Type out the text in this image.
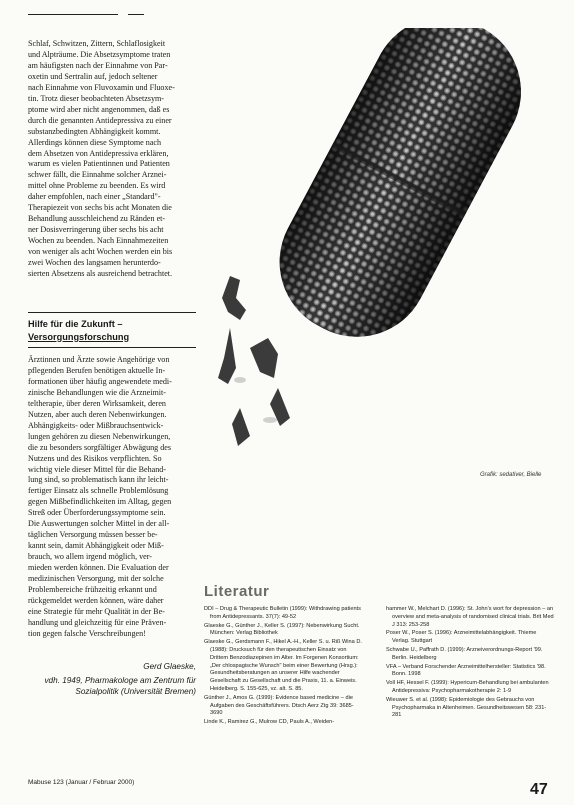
Schlaf, Schwitzen, Zittern, Schlaflosigkeit
und Alpträume. Die Absetzsymptome traten
am häufigsten nach der Einnahme von Par-
oxetin und Sertralin auf, jedoch seltener
nach Einnahme von Fluvoxamin und Fluoxe-
tin. Trotz dieser beobachteten Absetzsym-
ptome wird aber nicht angenommen, daß es
durch die genannten Antidepressiva zu einer
substanzbedingten Abhängigkeit kommt.
Allerdings können diese Symptome nach
dem Absetzen von Antidepressiva erklären,
warum es vielen Patientinnen und Patienten
schwer fällt, die Einnahme solcher Arznei-
mittel ohne Probleme zu beenden. Es wird
daher empfohlen, nach einer „Standard"-
Therapiezeit von sechs bis acht Monaten die
Behandlung ausschleichend zu Ränden et-
ner Dosisverringerung über sechs bis acht
Wochen zu beenden. Nach Einnahmezeiten
von weniger als acht Wochen werden ein bis
zwei Wochen des langsamen herunterdo-
sierten Absetzens als ausreichend betrachtet.

Hilfe für die Zukunft –
Versorgungsforschung

Ärztinnen und Ärzte sowie Angehörige von
pflegenden Berufen benötigen aktuelle In-
formationen über häufig angewendete medi-
zinische Behandlungen wie die Arzneimit-
teltherapie, über deren Wirksamkeit, deren
Nutzen, aber auch deren Nebenwirkungen.
Abhängigkeits- oder Mißbrauchsentwick-
lungen gehören zu diesen Nebenwirkungen,
die zu besonders sorgfältiger Abwägung des
Nutzens und des Risikos verpflichten. So
wichtig viele dieser Mittel für die Behand-
lung sind, so problematisch kann ihr leicht-
fertiger Einsatz als schnelle Problemlösung
gegen Mißbefindlichkeiten im Alltag, gegen
Streß oder Überforderungssymptome sein.
Die Auswertungen solcher Mittel in der all-
täglichen Versorgung müssen besser be-
kannt sein, damit Abhängigkeit oder Miß-
brauch, wo allem irgend möglich, ver-
mieden werden können. Die Evaluation der
medizinischen Versorgung, mit der solche
Problembereiche frühzeitig erkannt und
rückgemeldet werden können, wäre daher
eine Strategie für mehr Qualität in der Be-
handlung und gleichzeitig für eine Präven-
tion gegen falsche Verschreibungen!

Gerd Glaeske,
vdh. 1949, Pharmakologe am Zentrum für
Sozialpolitik (Universität Bremen)
Grafik: sedativer, Bielle
Literatur
DDI – Drug & Therapeutic Bulletin (1999): Withdrawing patients from Antidepressants. 37(7): 49-52
Glaeske G., Günther J., Keller S. (1997): Nebenwirkung Sucht. München: Verlag Bibliothek
Glaeske G., Gerdsmann F., Hikel A.-H., Keller S. u. Riß Wina D. (1988): Drucksuch für den therapeutischen Einsatz von Drittem Benzodiazepinen im Alter. Im Forgenen Konsortium: „Der chlospagische Wunsch" beim einer Bewertung (Hrsg.): Gesundheitsberatungen an unserer Hilfe wachender Gesellschaft zu Gesellschaft und die Praxis, 11. a. Einweis. Heidelberg. S. 155-625, vz. alt. S. 85.
Günther J., Amos G. (1999): Evidence based medicine – die Aufgaben des Geschäftsführers. Dtsch Aerz Ztg 39: 3685-3690
Linde K., Ramirez G., Mulrow CD, Pauls A., Weiden-
hammer W., Melchart D. (1996): St. John's wort for depression – an overview and meta-analysis of randomised clinical trials. Brit Med J 313: 253-258
Poser W., Poser S. (1996): Arzneimittelabhängigkeit. Thieme Verlag. Stuttgart
Schwabe U., Paffrath D. (1999): Arzneiverordnungs-Report '99. Berlin. Heidelberg
VFA – Verband Forschender Arzneimittelhersteller: Statistics '98. Bonn. 1998
Voll HF, Hessel F. (1999): Hypericum-Behandlung bei ambulanten Antidepressiva: Psychopharmakotherapie 2: 1-9
Wieuwer S. et al. (1998): Epidemiologie des Gebrauchs von Psychopharmaka in Altenheimen. Gesundheitswesen 58: 231-281
Mabuse 123 (Januar / Februar 2000)	47
